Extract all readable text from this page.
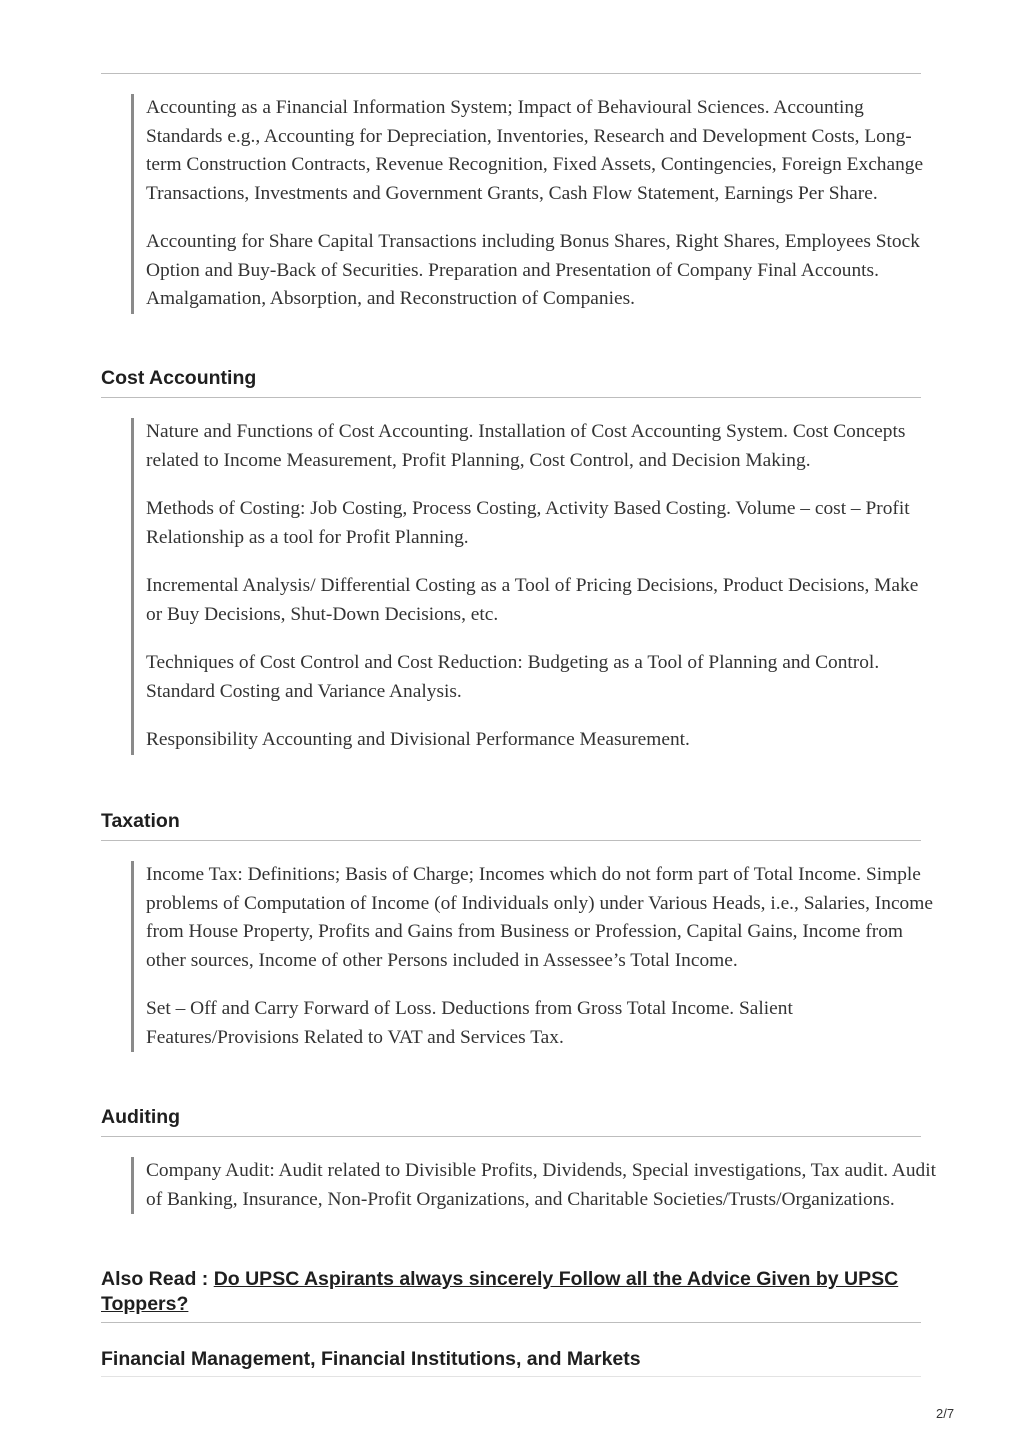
Accounting as a Financial Information System; Impact of Behavioural Sciences. Accounting Standards e.g., Accounting for Depreciation, Inventories, Research and Development Costs, Long-term Construction Contracts, Revenue Recognition, Fixed Assets, Contingencies, Foreign Exchange Transactions, Investments and Government Grants, Cash Flow Statement, Earnings Per Share.

Accounting for Share Capital Transactions including Bonus Shares, Right Shares, Employees Stock Option and Buy-Back of Securities. Preparation and Presentation of Company Final Accounts. Amalgamation, Absorption, and Reconstruction of Companies.

Cost Accounting

Nature and Functions of Cost Accounting. Installation of Cost Accounting System. Cost Concepts related to Income Measurement, Profit Planning, Cost Control, and Decision Making.

Methods of Costing: Job Costing, Process Costing, Activity Based Costing. Volume – cost – Profit Relationship as a tool for Profit Planning.

Incremental Analysis/ Differential Costing as a Tool of Pricing Decisions, Product Decisions, Make or Buy Decisions, Shut-Down Decisions, etc.

Techniques of Cost Control and Cost Reduction: Budgeting as a Tool of Planning and Control. Standard Costing and Variance Analysis.

Responsibility Accounting and Divisional Performance Measurement.

Taxation

Income Tax: Definitions; Basis of Charge; Incomes which do not form part of Total Income. Simple problems of Computation of Income (of Individuals only) under Various Heads, i.e., Salaries, Income from House Property, Profits and Gains from Business or Profession, Capital Gains, Income from other sources, Income of other Persons included in Assessee’s Total Income.

Set – Off and Carry Forward of Loss. Deductions from Gross Total Income. Salient Features/Provisions Related to VAT and Services Tax.

Auditing

Company Audit: Audit related to Divisible Profits, Dividends, Special investigations, Tax audit. Audit of Banking, Insurance, Non-Profit Organizations, and Charitable Societies/Trusts/Organizations.

Also Read : Do UPSC Aspirants always sincerely Follow all the Advice Given by UPSC Toppers?
Financial Management, Financial Institutions, and Markets
2/7
